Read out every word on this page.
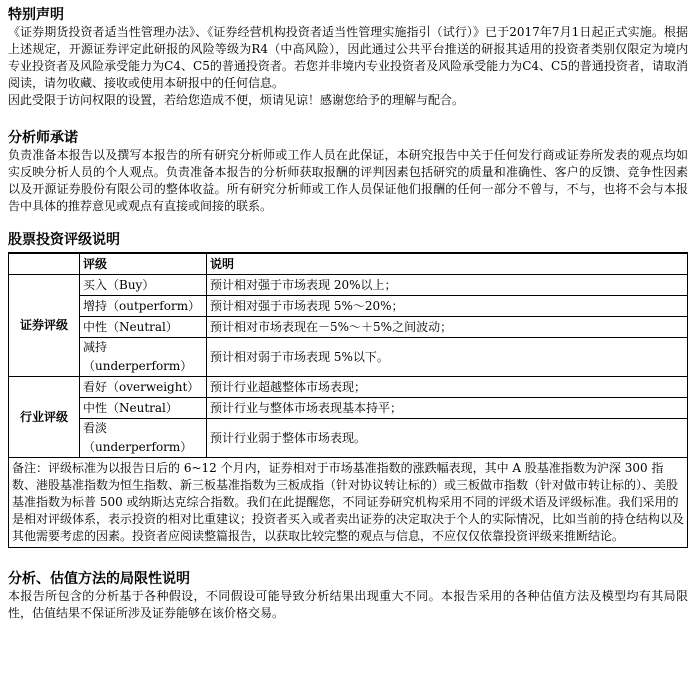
特别声明

《证券期货投资者适当性管理办法》、《证券经营机构投资者适当性管理实施指引（试行）》已于2017年7月1日起正式实施。根据上述规定，开源证券评定此研报的风险等级为R4（中高风险），因此通过公共平台推送的研报其适用的投资者类别仅限定为境内专业投资者及风险承受能力为C4、C5的普通投资者。若您并非境内专业投资者及风险承受能力为C4、C5的普通投资者，请取消阅读，请勿收藏、接收或使用本研报中的任何信息。

因此受限于访问权限的设置，若给您造成不便，烦请见谅！感谢您给予的理解与配合。

分析师承诺

负责准备本报告以及撰写本报告的所有研究分析师或工作人员在此保证，本研究报告中关于任何发行商或证券所发表的观点均如实反映分析人员的个人观点。负责准备本报告的分析师获取报酬的评判因素包括研究的质量和准确性、客户的反馈、竞争性因素以及开源证券股份有限公司的整体收益。所有研究分析师或工作人员保证他们报酬的任何一部分不曾与，不与，也将不会与本报告中具体的推荐意见或观点有直接或间接的联系。

股票投资评级说明
	评级	说明
证券评级	买入（Buy）	预计相对强于市场表现 20%以上；
	增持（outperform）	预计相对强于市场表现 5%～20%；
	中性（Neutral）	预计相对市场表现在－5%～＋5%之间波动；
	减持（underperform）	预计相对弱于市场表现 5%以下。
行业评级	看好（overweight）	预计行业超越整体市场表现；
	中性（Neutral）	预计行业与整体市场表现基本持平；
	看淡（underperform）	预计行业弱于整体市场表现。
备注：评级标准为以报告日后的 6~12 个月内，证券相对于市场基准指数的涨跌幅表现，其中 A 股基准指数为沪深 300 指数、港股基准指数为恒生指数、新三板基准指数为三板成指（针对协议转让标的）或三板做市指数（针对做市转让标的）、美股基准指数为标普 500 或纳斯达克综合指数。我们在此提醒您，不同证券研究机构采用不同的评级术语及评级标准。我们采用的是相对评级体系，表示投资的相对比重建议；投资者买入或者卖出证券的决定取决于个人的实际情况，比如当前的持仓结构以及其他需要考虑的因素。投资者应阅读整篇报告，以获取比较完整的观点与信息，不应仅仅依靠投资评级来推断结论。		
分析、估值方法的局限性说明

本报告所包含的分析基于各种假设，不同假设可能导致分析结果出现重大不同。本报告采用的各种估值方法及模型均有其局限性，估值结果不保证所涉及证券能够在该价格交易。
